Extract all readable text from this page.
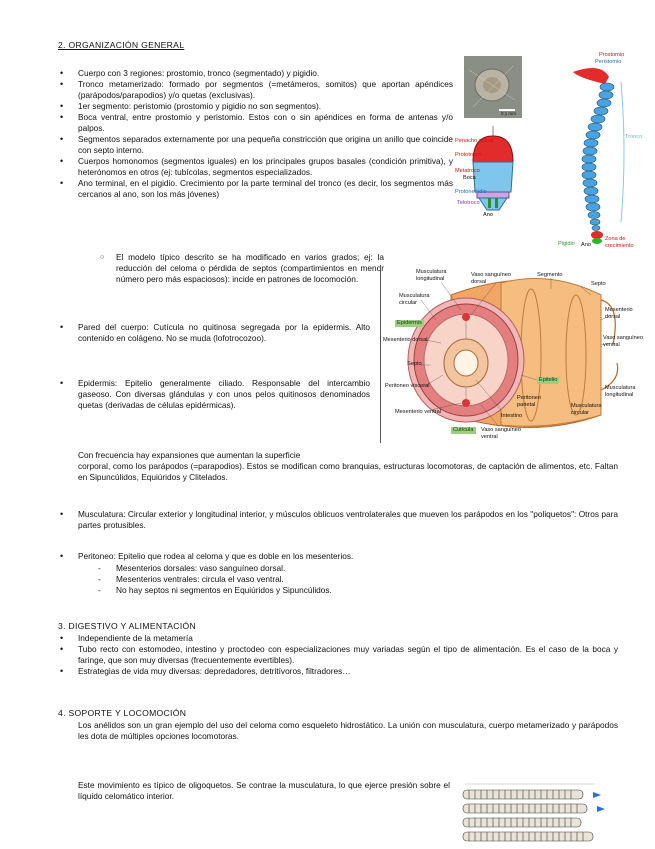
2. ORGANIZACIÓN GENERAL
• Cuerpo con 3 regiones: prostomio, tronco (segmentado) y pigidio.
• Tronco metamerizado: formado por segmentos (=metámeros, somitos) que aportan apéndices (parápodos/parapodios) y/o quetas (exclusivas).
• 1er segmento: peristomio (prostomio y pigidio no son segmentos).
• Boca ventral, entre prostomio y peristomio. Estos con o sin apéndices en forma de antenas y/o palpos.
• Segmentos separados externamente por una pequeña constricción que origina un anillo que coincide con septo interno.
• Cuerpos homonomos (segmentos iguales) en los principales grupos basales (condición primitiva), y heterónomos en otros (ej: tubícolas, segmentos especializados.
• Ano terminal, en el pigidio. Crecimiento por la parte terminal del tronco (es decir, los segmentos más cercanos al ano, son los más jóvenes)
○ El modelo típico descrito se ha modificado en varios grados; ej: la reducción del celoma o pérdida de septos (compartimientos en menor número pero más espaciosos): incide en patrones de locomoción.
• Pared del cuerpo: Cutícula no quitinosa segregada por la epidermis. Alto contenido en colágeno. No se muda (lofotrocozoo).
• Epidermis: Epitelio generalmente ciliado. Responsable del intercambio gaseoso. Con diversas glándulas y con unos pelos quitinosos denominados quetas (derivadas de células epidérmicas).
Con frecuencia hay expansiones que aumentan la superficie
corporal, como los parápodos (=parapodios). Estos se modifican como branquias, estructuras locomotoras, de captación de alimentos, etc. Faltan en Sipuncúlidos, Equiúridos y Clitelados.
• Musculatura: Circular exterior y longitudinal interior, y músculos oblicuos ventrolaterales que mueven los parápodos en los "poliquetos": Otros para partes protusibles.
• Peritoneo: Epitelio que rodea al celoma y que es doble en los mesenterios.
- Mesenterios dorsales: vaso sanguíneo dorsal.
- Mesenterios ventrales: circula el vaso ventral.
- No hay septos ni segmentos en Equiúridos y Sipuncúlidos.
3. DIGESTIVO Y ALIMENTACIÓN
• Independiente de la metamería
• Tubo recto con estomodeo, intestino y proctodeo con especializaciones muy variadas según el tipo de alimentación. Es el caso de la boca y faringe, que son muy diversas (frecuentemente evertibles).
• Estrategias de vida muy diversas: depredadores, detritívoros, filtradores…
4. SOPORTE Y LOCOMOCIÓN
Los anélidos son un gran ejemplo del uso del celoma como esqueleto hidrostático. La unión con musculatura, cuerpo metamerizado y parápodos les dota de múltiples opciones locomotoras.
Este movimiento es típico de oligoquetos. Se contrae la musculatura, lo que ejerce presión sobre el líquido celomático interior.
Prostomio
Peristomio
Tronco
Penacho apical
Prototroco
Metatroco
Boca
Protonefridio
Telotroco
Ano
Pigidio Ano
Zona de crecimiento
0,1 mm
Musculatura longitudinal
Vaso sanguíneo dorsal
Segmento
Septo
Musculatura circular
Mesenterio dorsal
Epidermis
Vaso sanguíneo ventral
Mesenterio dorsal
Septo
Peritoneo visceral
Epitelio
Musculatura longitudinal
Peritoneo parietal
Intestino
Musculatura circular
Mesenterio ventral
Cutícula	Vaso sanguíneo ventral
